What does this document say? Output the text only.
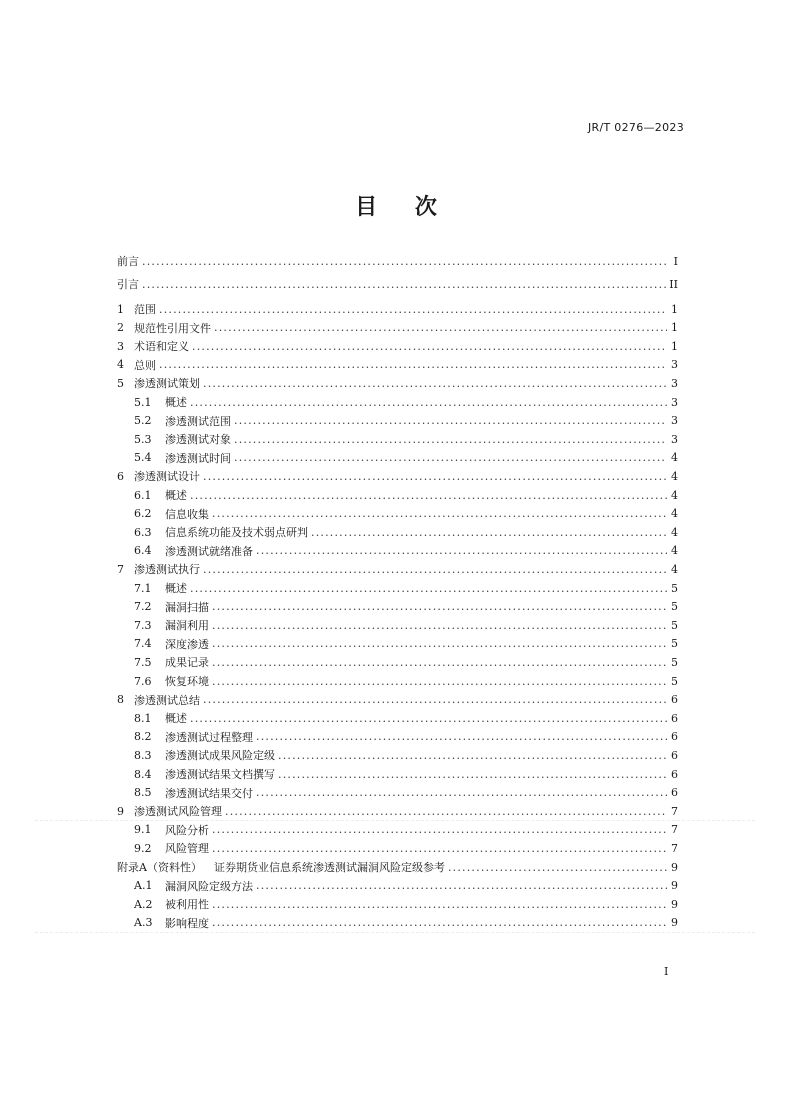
JR/T 0276—2023
目 次
前言 .....	I
引言 .....	II
1 范围 .....	1
2 规范性引用文件 .....	1
3 术语和定义 .....	1
4 总则 .....	3
5 渗透测试策划 .....	3
5.1	概述 .....	3
5.2	渗透测试范围 .....	3
5.3	渗透测试对象 .....	3
5.4	渗透测试时间 .....	4
6 渗透测试设计 .....	4
6.1	概述 .....	4
6.2	信息收集 .....	4
6.3	信息系统功能及技术弱点研判 .....	4
6.4	渗透测试就绪准备 .....	4
7 渗透测试执行 .....	4
7.1	概述 .....	5
7.2	漏洞扫描 .....	5
7.3	漏洞利用 .....	5
7.4	深度渗透 .....	5
7.5	成果记录 .....	5
7.6	恢复环境 .....	5
8 渗透测试总结 .....	6
8.1	概述 .....	6
8.2	渗透测试过程整理 .....	6
8.3	渗透测试成果风险定级 .....	6
8.4	渗透测试结果文档撰写 .....	6
8.5	渗透测试结果交付 .....	6
9 渗透测试风险管理 .....	7
9.1	风险分析 .....	7
9.2	风险管理 .....	7
附录A（资料性） 证券期货业信息系统渗透测试漏洞风险定级参考 .....	9
A.1	漏洞风险定级方法 .....	9
A.2	被利用性 .....	9
A.3	影响程度 .....	9
I
